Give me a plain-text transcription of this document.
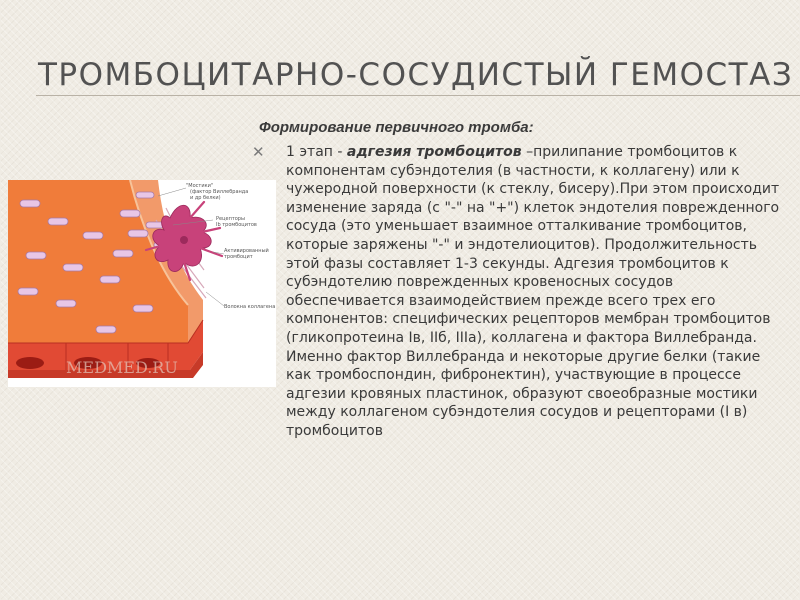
ТРОМБОЦИТАРНО-СОСУДИСТЫЙ ГЕМОСТАЗ

Формирование первичного тромба:

✕ 1 этап - адгезия тромбоцитов –прилипание тромбоцитов к компонентам субэндотелия (в частности, к коллагену) или к чужеродной поверхности (к стеклу, бисеру).При этом происходит изменение заряда (с "-" на "+") клеток эндотелия поврежденного сосуда (это уменьшает взаимное отталкивание тромбоцитов, которые заряжены "-" и эндотелиоцитов). Продолжительность этой фазы составляет 1-3 секунды. Адгезия тромбоцитов к субэндотелию поврежденных кровеносных сосудов обеспечивается взаимодействием прежде всего трех его компонентов: специфических рецепторов мембран тромбоцитов (гликопротеина Iв, IIб, IIIа), коллагена и фактора Виллебранда. Именно фактор Виллебранда и некоторые другие белки (такие как тромбоспондин, фибронектин), участвующие в процессе адгезии кровяных пластинок, образуют своеобразные мостики между коллагеном субэндотелия сосудов и рецепторами (I в) тромбоцитов

"Мостики"
(фактор Виллебранда
и др белки)
Рецепторы
Ib тромбоцитов
Активированный
тромбоцит
Волокна коллагена
MEDMED.RU
